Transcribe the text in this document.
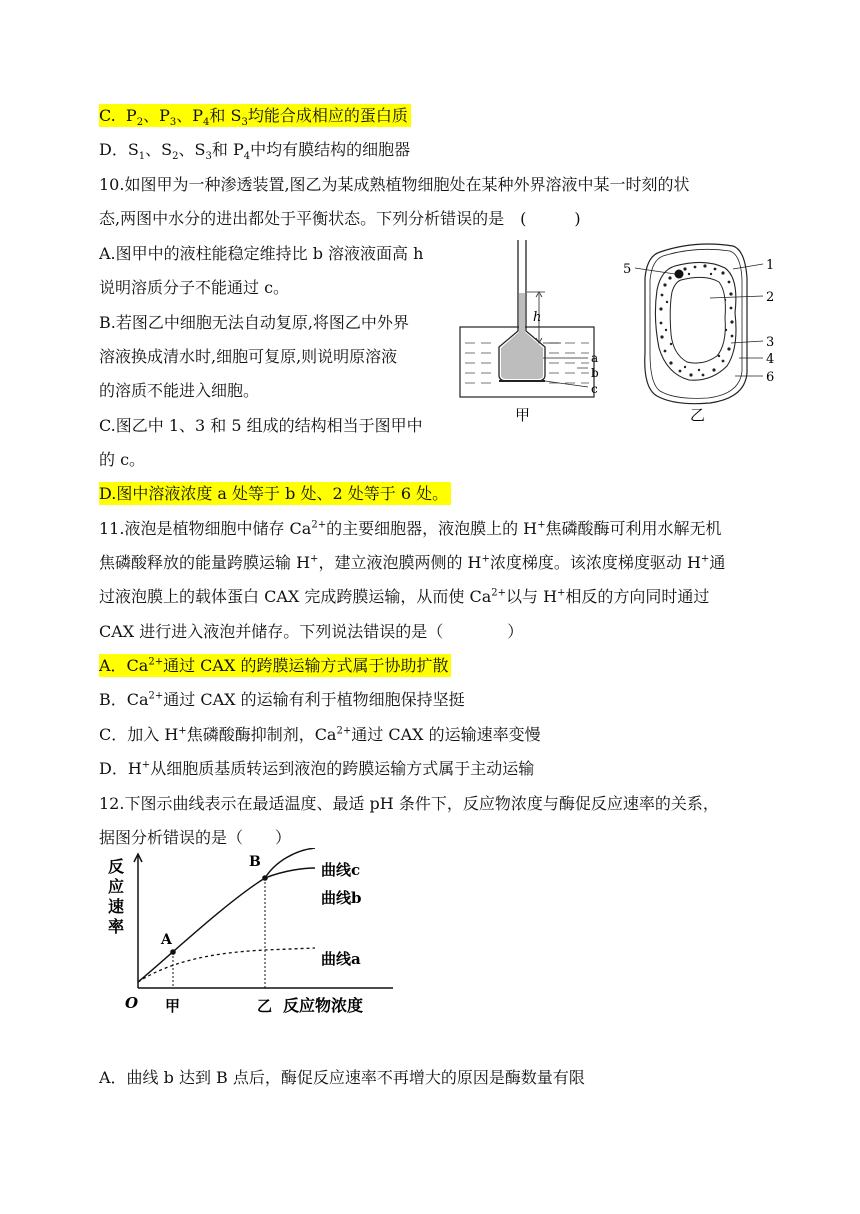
C.  $P_2$、$P_3$、$P_4$和 $S_3$均能合成相应的蛋白质
D．$S_1$、$S_2$、$S_3$和 $P_4$中均有膜结构的细胞器
10.如图甲为一种渗透装置,图乙为某成熟植物细胞处在某种外界溶液中某一时刻的状
态,两图中水分的进出都处于平衡状态。下列分析错误的是　(　　　)
A.图甲中的液柱能稳定维持比 b 溶液液面高 h
说明溶质分子不能通过 c。
B.若图乙中细胞无法自动复原,将图乙中外界
溶液换成清水时,细胞可复原,则说明原溶液
的溶质不能进入细胞。
C.图乙中 1、3 和 5 组成的结构相当于图甲中
的 c。
D.图中溶液浓度 a 处等于 b 处、2 处等于 6 处。
11.液泡是植物细胞中储存 $Ca^{2+}$的主要细胞器，液泡膜上的 H+焦磷酸酶可利用水解无机
焦磷酸释放的能量跨膜运输 H+，建立液泡膜两侧的 H+浓度梯度。该浓度梯度驱动 H+通
过液泡膜上的载体蛋白 CAX 完成跨膜运输，从而使 $Ca^{2+}$以与 H+相反的方向同时通过
CAX 进行进入液泡并储存。下列说法错误的是（　　　　）
A．$Ca^{2+}$通过 CAX 的跨膜运输方式属于协助扩散
B．$Ca^{2+}$通过 CAX 的运输有利于植物细胞保持坚挺
C．加入 H+焦磷酸酶抑制剂，$Ca^{2+}$通过 CAX 的运输速率变慢
D．H+从细胞质基质转运到液泡的跨膜运输方式属于主动运输
12.下图示曲线表示在最适温度、最适 pH 条件下，反应物浓度与酶促反应速率的关系，
据图分析错误的是（　　）
A．曲线 b 达到 B 点后，酶促反应速率不再增大的原因是酶数量有限
h
a
b
c
甲
1
2
3
4
5
6
乙
反
应
速
率
O
A
B	曲线c
曲线b
曲线a
甲	乙 反应物浓度
